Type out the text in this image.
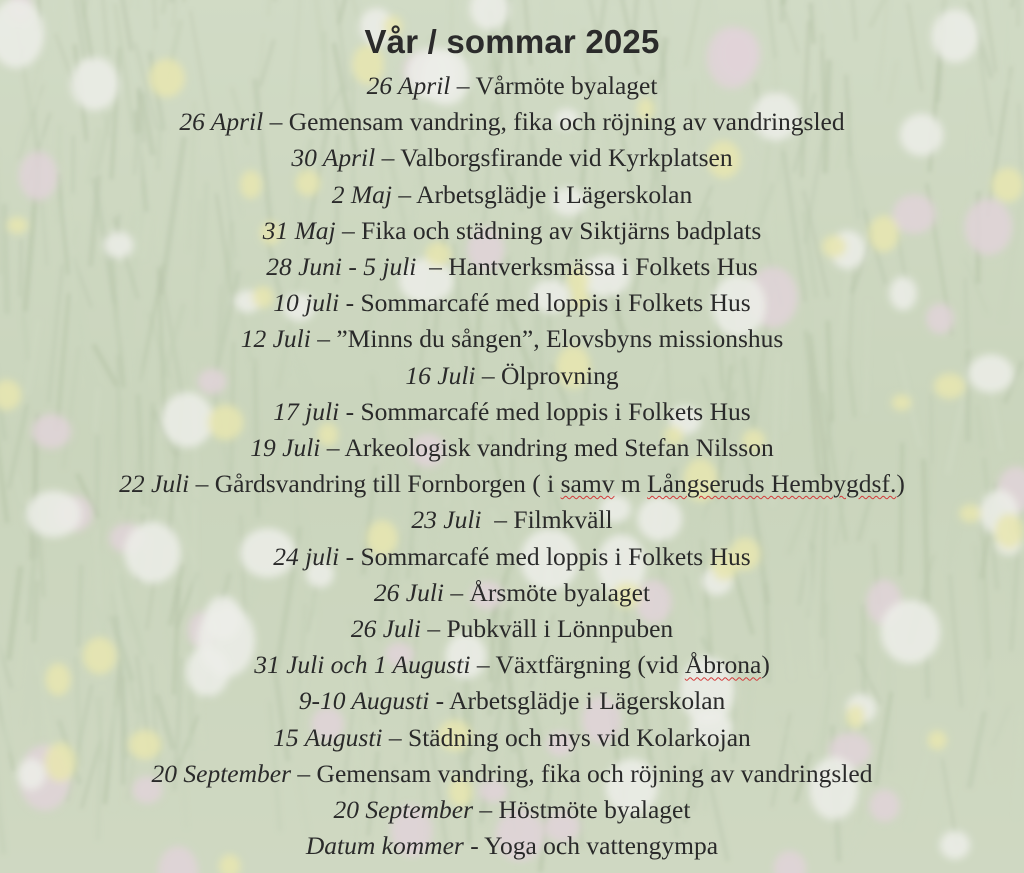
Vår / sommar 2025
26 April – Vårmöte byalaget
26 April – Gemensam vandring, fika och röjning av vandringsled
30 April – Valborgsfirande vid Kyrkplatsen
2 Maj – Arbetsglädje i Lägerskolan
31 Maj – Fika och städning av Siktjärns badplats
28 Juni - 5 juli  – Hantverksmässa i Folkets Hus
10 juli - Sommarcafé med loppis i Folkets Hus
12 Juli – ”Minns du sången”, Elovsbyns missionshus
16 Juli – Ölprovning
17 juli - Sommarcafé med loppis i Folkets Hus
19 Juli – Arkeologisk vandring med Stefan Nilsson
22 Juli – Gårdsvandring till Fornborgen ( i samv m Långseruds Hembygdsf.)
23 Juli  – Filmkväll
24 juli - Sommarcafé med loppis i Folkets Hus
26 Juli – Årsmöte byalaget
26 Juli – Pubkväll i Lönnpuben
31 Juli och 1 Augusti – Växtfärgning (vid Åbrona)
9-10 Augusti - Arbetsglädje i Lägerskolan
15 Augusti – Städning och mys vid Kolarkojan
20 September – Gemensam vandring, fika och röjning av vandringsled
20 September – Höstmöte byalaget
Datum kommer - Yoga och vattengympa
